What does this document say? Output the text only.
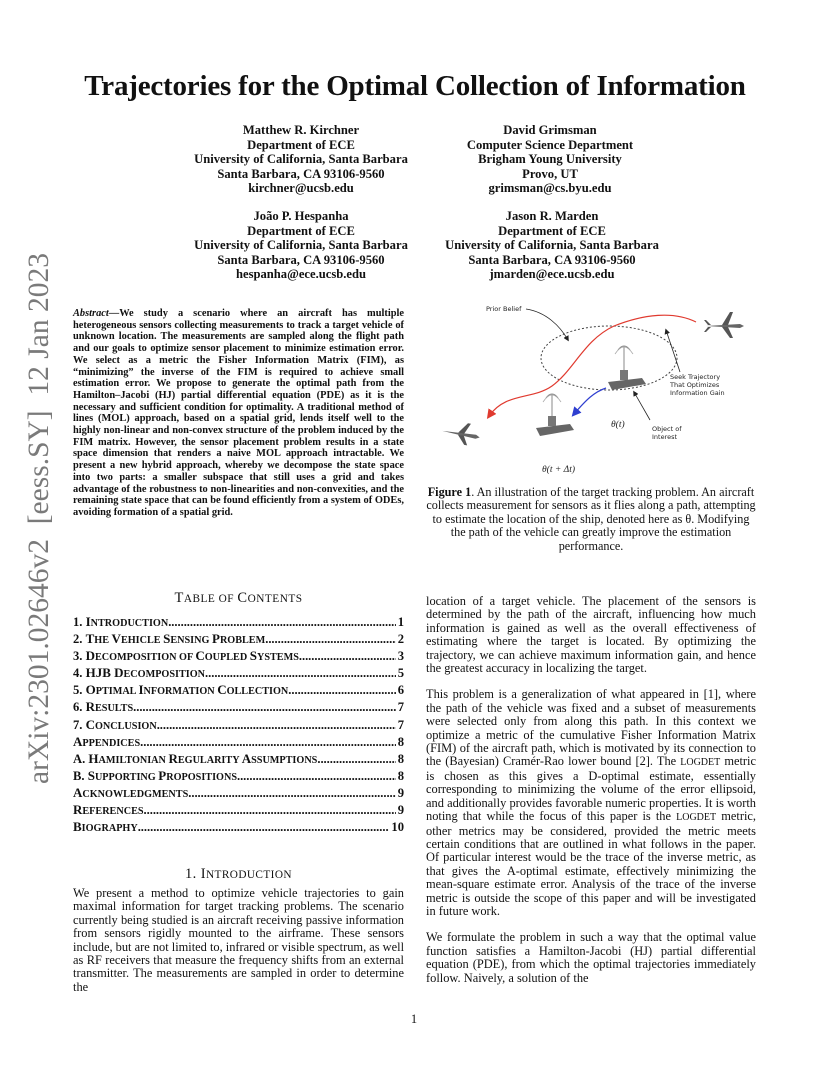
arXiv:2301.02646v2  [eess.SY]  12 Jan 2023
Trajectories for the Optimal Collection of Information
Matthew R. Kirchner
Department of ECE
University of California, Santa Barbara
Santa Barbara, CA 93106-9560
kirchner@ucsb.edu
David Grimsman
Computer Science Department
Brigham Young University
Provo, UT
grimsman@cs.byu.edu
João P. Hespanha
Department of ECE
University of California, Santa Barbara
Santa Barbara, CA 93106-9560
hespanha@ece.ucsb.edu
Jason R. Marden
Department of ECE
University of California, Santa Barbara
Santa Barbara, CA 93106-9560
jmarden@ece.ucsb.edu
Abstract—We study a scenario where an aircraft has multiple heterogeneous sensors collecting measurements to track a target vehicle of unknown location. The measurements are sampled along the flight path and our goals to optimize sensor placement to minimize estimation error. We select as a metric the Fisher Information Matrix (FIM), as “minimizing” the inverse of the FIM is required to achieve small estimation error. We propose to generate the optimal path from the Hamilton–Jacobi (HJ) partial differential equation (PDE) as it is the necessary and sufficient condition for optimality. A traditional method of lines (MOL) approach, based on a spatial grid, lends itself well to the highly non-linear and non-convex structure of the problem induced by the FIM matrix. However, the sensor placement problem results in a state space dimension that renders a naive MOL approach intractable. We present a new hybrid approach, whereby we decompose the state space into two parts: a smaller subspace that still uses a grid and takes advantage of the robustness to non-linearities and non-convexities, and the remaining state space that can be found efficiently from a system of ODEs, avoiding formation of a spatial grid.
Prior Belief
Seek Trajectory
That Optimizes
Information Gain
Object of
Interest
θ(t)
θ(t + Δt)
Figure 1. An illustration of the target tracking problem. An aircraft collects measurement for sensors as it flies along a path, attempting to estimate the location of the ship, denoted here as θ. Modifying the path of the vehicle can greatly improve the estimation performance.
TABLE OF CONTENTS
1. INTRODUCTION . . .	1
2. THE VEHICLE SENSING PROBLEM . . .	2
3. DECOMPOSITION OF COUPLED SYSTEMS . . .	3
4. HJB DECOMPOSITION . . .	5
5. OPTIMAL INFORMATION COLLECTION . . .	6
6. RESULTS . . .	7
7. CONCLUSION . . .	7
APPENDICES . . .	8
A. HAMILTONIAN REGULARITY ASSUMPTIONS . . .	8
B. SUPPORTING PROPOSITIONS . . .	8
ACKNOWLEDGMENTS . . .	9
REFERENCES . . .	9
BIOGRAPHY . . .	10
1. INTRODUCTION

We present a method to optimize vehicle trajectories to gain maximal information for target tracking problems. The scenario currently being studied is an aircraft receiving passive information from sensors rigidly mounted to the airframe. These sensors include, but are not limited to, infrared or visible spectrum, as well as RF receivers that measure the frequency shifts from an external transmitter. The measurements are sampled in order to determine the

location of a target vehicle. The placement of the sensors is determined by the path of the aircraft, influencing how much information is gained as well as the overall effectiveness of estimating where the target is located. By optimizing the trajectory, we can achieve maximum information gain, and hence the greatest accuracy in localizing the target.

This problem is a generalization of what appeared in [1], where the path of the vehicle was fixed and a subset of measurements were selected only from along this path. In this context we optimize a metric of the cumulative Fisher Information Matrix (FIM) of the aircraft path, which is motivated by its connection to the (Bayesian) Cramér-Rao lower bound [2]. The LOGDET metric is chosen as this gives a D-optimal estimate, essentially corresponding to minimizing the volume of the error ellipsoid, and additionally provides favorable numeric properties. It is worth noting that while the focus of this paper is the LOGDET metric, other metrics may be considered, provided the metric meets certain conditions that are outlined in what follows in the paper. Of particular interest would be the trace of the inverse metric, as that gives the A-optimal estimate, effectively minimizing the mean-square estimate error. Analysis of the trace of the inverse metric is outside the scope of this paper and will be investigated in future work.

We formulate the problem in such a way that the optimal value function satisfies a Hamilton-Jacobi (HJ) partial differential equation (PDE), from which the optimal trajectories immediately follow. Naively, a solution of the

1
